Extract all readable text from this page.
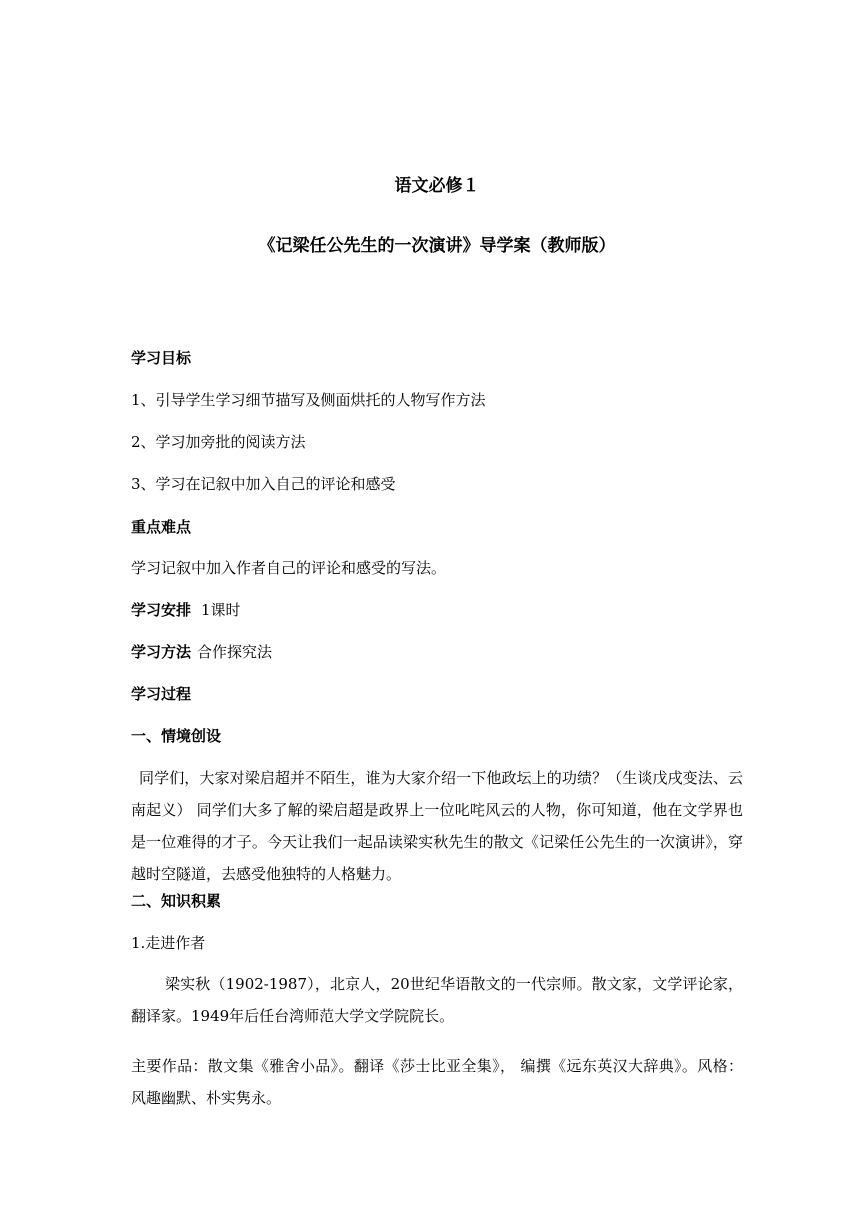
语文必修１
《记梁任公先生的一次演讲》导学案（教师版）
学习目标
1、引导学生学习细节描写及侧面烘托的人物写作方法
2、学习加旁批的阅读方法
3、学习在记叙中加入自己的评论和感受
重点难点
学习记叙中加入作者自己的评论和感受的写法。
学习安排 1课时
学习方法 合作探究法
学习过程
一、情境创设
同学们，大家对梁启超并不陌生，谁为大家介绍一下他政坛上的功绩？（生谈戊戌变法、云南起义） 同学们大多了解的梁启超是政界上一位叱咤风云的人物，你可知道，他在文学界也是一位难得的才子。今天让我们一起品读梁实秋先生的散文《记梁任公先生的一次演讲》，穿越时空隧道，去感受他独特的人格魅力。
二、知识积累
1.走进作者
梁实秋（1902-1987），北京人，20世纪华语散文的一代宗师。散文家，文学评论家，翻译家。1949年后任台湾师范大学文学院院长。
主要作品：散文集《雅舍小品》。翻译《莎士比亚全集》， 编撰《远东英汉大辞典》。风格：风趣幽默、朴实隽永。
